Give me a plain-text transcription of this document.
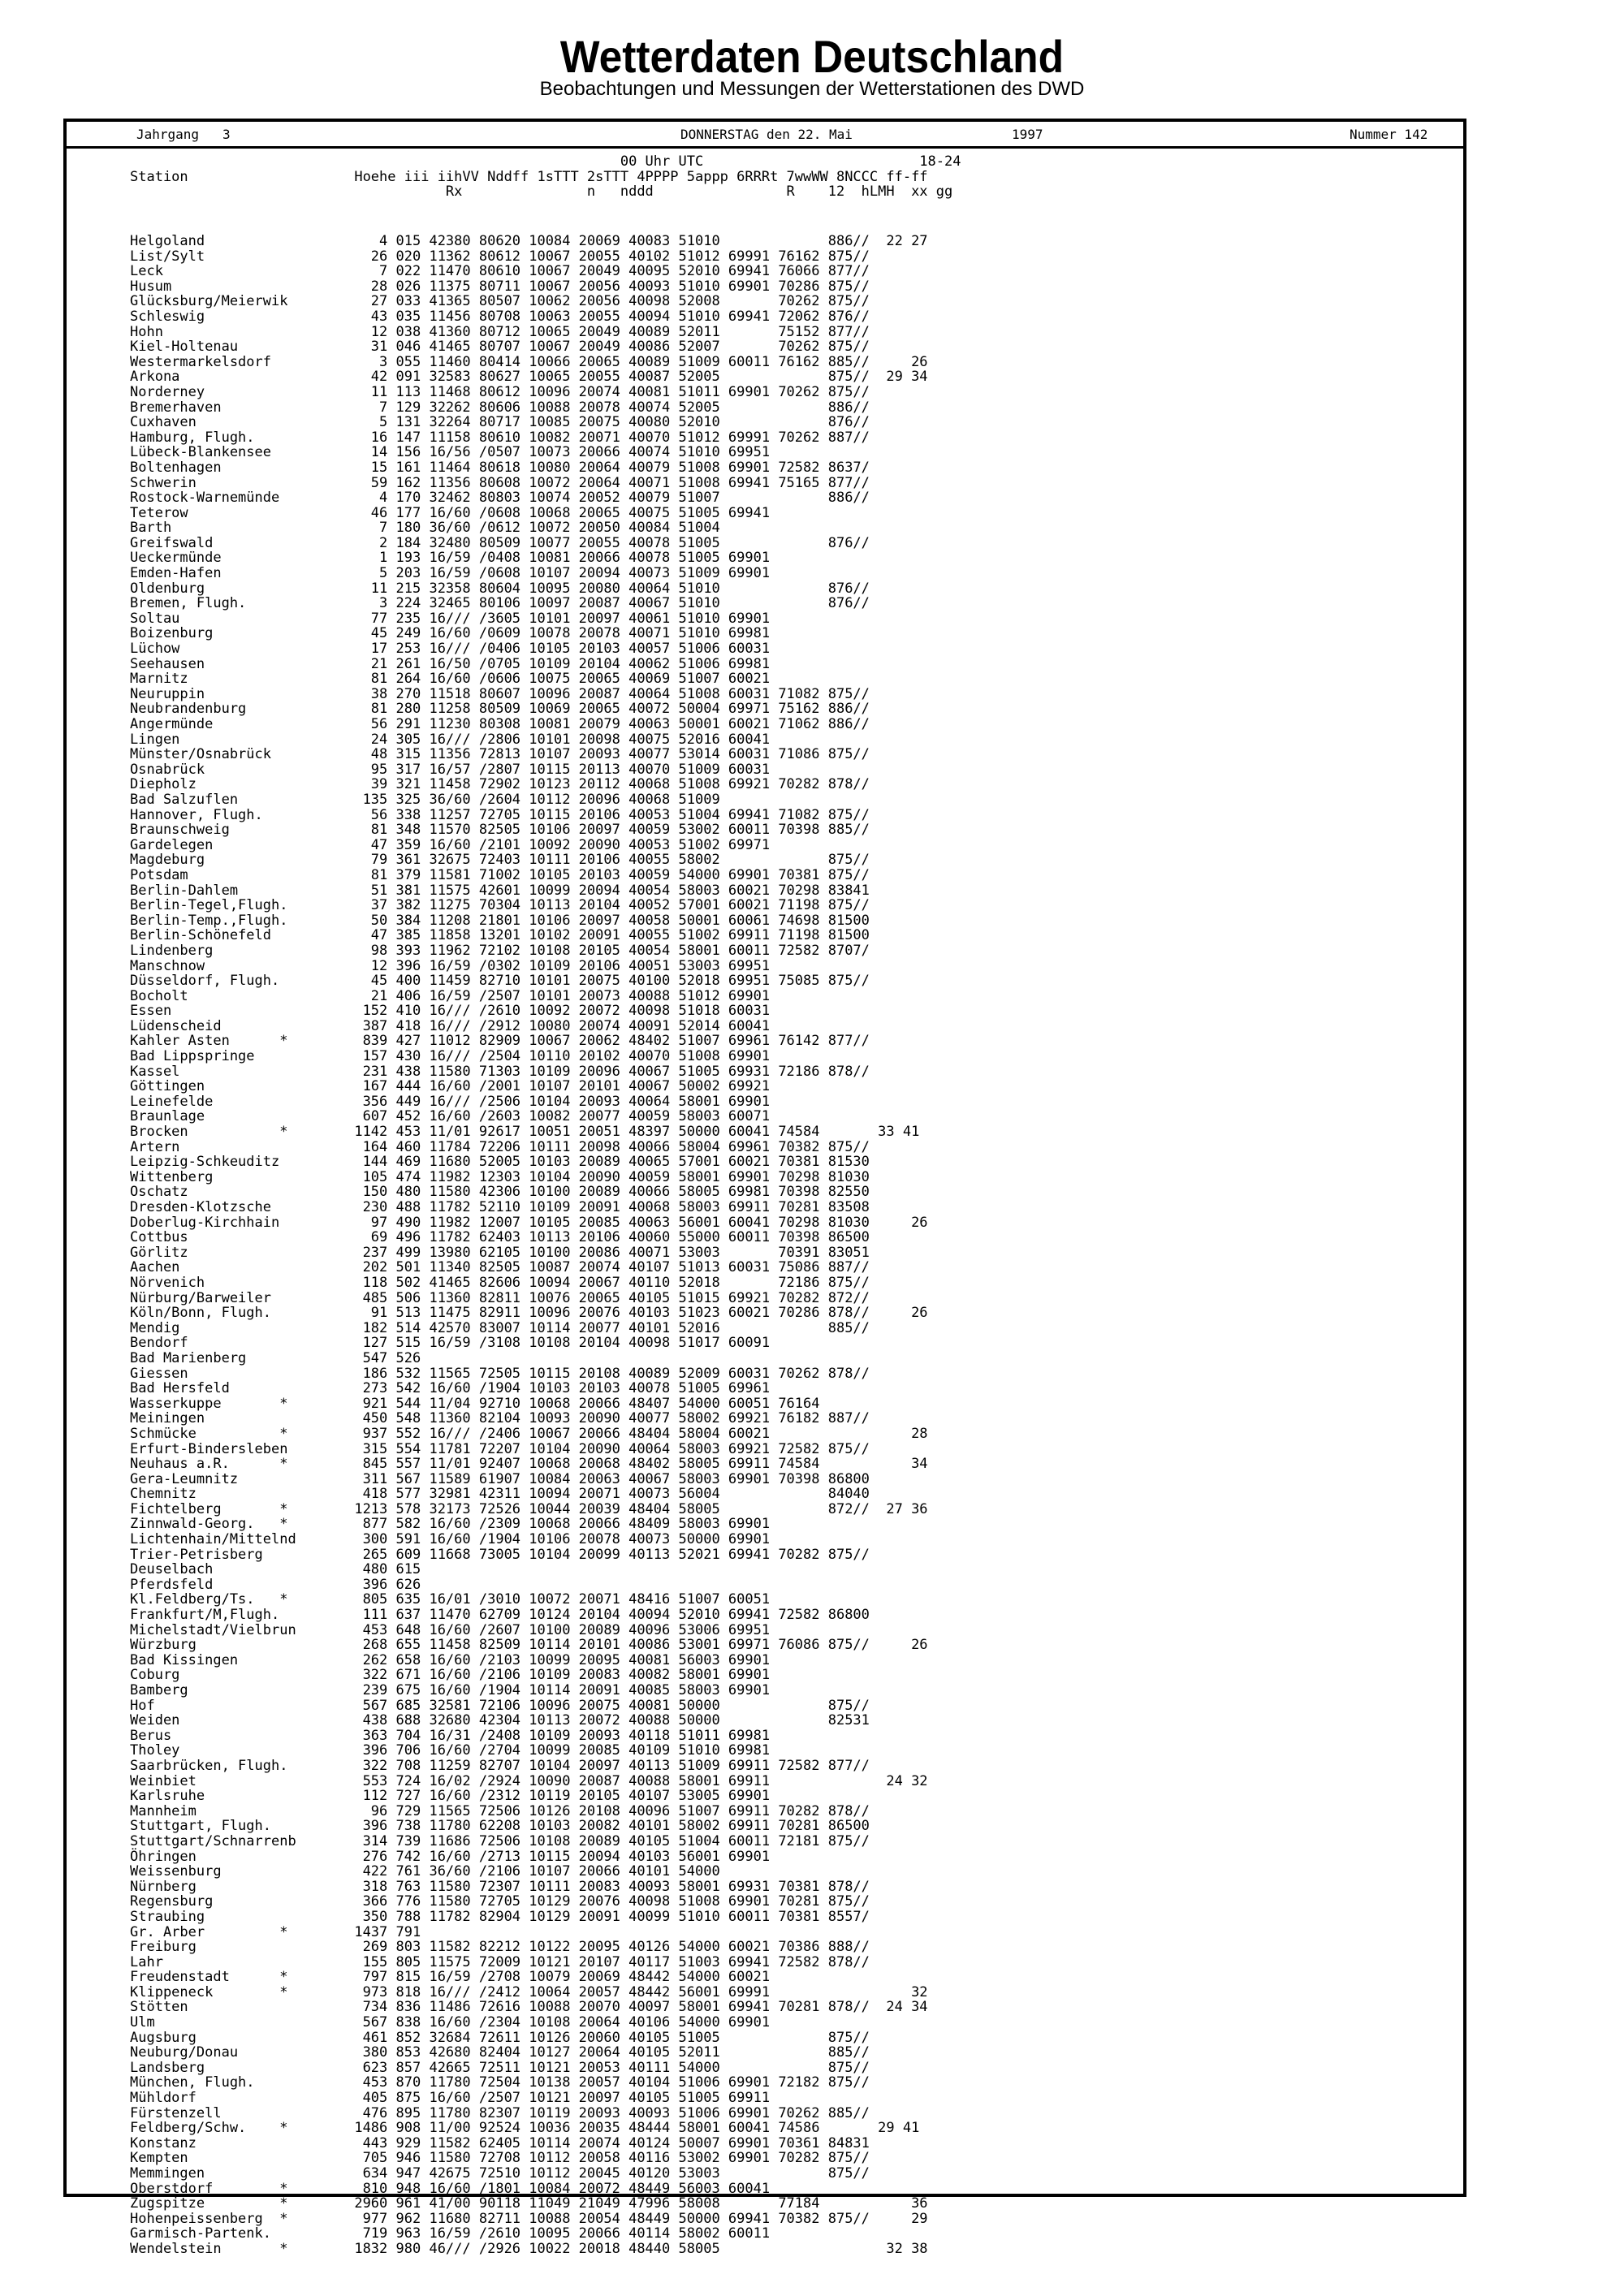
Wetterdaten Deutschland
Beobachtungen und Messungen der Wetterstationen des DWD
Jahrgang   3	DONNERSTAG den 22. Mai	1997	Nummer 142
00 Uhr UTC                          18-24
Station                    Hoehe iii iihVV Nddff 1sTTT 2sTTT 4PPPP 5appp 6RRRt 7wwWW 8NCCC ff-ff
Rx               n   nddd                R    12  hLMH  xx gg
Helgoland                     4 015 42380 80620 10084 20069 40083 51010             886//  22 27
List/Sylt                    26 020 11362 80612 10067 20055 40102 51012 69991 76162 875//
Leck                          7 022 11470 80610 10067 20049 40095 52010 69941 76066 877//
Husum                        28 026 11375 80711 10067 20056 40093 51010 69901 70286 875//
Glücksburg/Meierwik          27 033 41365 80507 10062 20056 40098 52008       70262 875//
Schleswig                    43 035 11456 80708 10063 20055 40094 51010 69941 72062 876//
Hohn                         12 038 41360 80712 10065 20049 40089 52011       75152 877//
Kiel-Holtenau                31 046 41465 80707 10067 20049 40086 52007       70262 875//
Westermarkelsdorf             3 055 11460 80414 10066 20065 40089 51009 60011 76162 885//     26
Arkona                       42 091 32583 80627 10065 20055 40087 52005             875//  29 34
Norderney                    11 113 11468 80612 10096 20074 40081 51011 69901 70262 875//
Bremerhaven                   7 129 32262 80606 10088 20078 40074 52005             886//
Cuxhaven                      5 131 32264 80717 10085 20075 40080 52010             876//
Hamburg, Flugh.              16 147 11158 80610 10082 20071 40070 51012 69991 70262 887//
Lübeck-Blankensee            14 156 16/56 /0507 10073 20066 40074 51010 69951
Boltenhagen                  15 161 11464 80618 10080 20064 40079 51008 69901 72582 8637/
Schwerin                     59 162 11356 80608 10072 20064 40071 51008 69941 75165 877//
Rostock-Warnemünde            4 170 32462 80803 10074 20052 40079 51007             886//
Teterow                      46 177 16/60 /0608 10068 20065 40075 51005 69941
Barth                         7 180 36/60 /0612 10072 20050 40084 51004
Greifswald                    2 184 32480 80509 10077 20055 40078 51005             876//
Ueckermünde                   1 193 16/59 /0408 10081 20066 40078 51005 69901
Emden-Hafen                   5 203 16/59 /0608 10107 20094 40073 51009 69901
Oldenburg                    11 215 32358 80604 10095 20080 40064 51010             876//
Bremen, Flugh.                3 224 32465 80106 10097 20087 40067 51010             876//
Soltau                       77 235 16/// /3605 10101 20097 40061 51010 69901
Boizenburg                   45 249 16/60 /0609 10078 20078 40071 51010 69981
Lüchow                       17 253 16/// /0406 10105 20103 40057 51006 60031
Seehausen                    21 261 16/50 /0705 10109 20104 40062 51006 69981
Marnitz                      81 264 16/60 /0606 10075 20065 40069 51007 60021
Neuruppin                    38 270 11518 80607 10096 20087 40064 51008 60031 71082 875//
Neubrandenburg               81 280 11258 80509 10069 20065 40072 50004 69971 75162 886//
Angermünde                   56 291 11230 80308 10081 20079 40063 50001 60021 71062 886//
Lingen                       24 305 16/// /2806 10101 20098 40075 52016 60041
Münster/Osnabrück            48 315 11356 72813 10107 20093 40077 53014 60031 71086 875//
Osnabrück                    95 317 16/57 /2807 10115 20113 40070 51009 60031
Diepholz                     39 321 11458 72902 10123 20112 40068 51008 69921 70282 878//
Bad Salzuflen               135 325 36/60 /2604 10112 20096 40068 51009
Hannover, Flugh.             56 338 11257 72705 10115 20106 40053 51004 69941 71082 875//
Braunschweig                 81 348 11570 82505 10106 20097 40059 53002 60011 70398 885//
Gardelegen                   47 359 16/60 /2101 10092 20090 40053 51002 69971
Magdeburg                    79 361 32675 72403 10111 20106 40055 58002             875//
Potsdam                      81 379 11581 71002 10105 20103 40059 54000 69901 70381 875//
Berlin-Dahlem                51 381 11575 42601 10099 20094 40054 58003 60021 70298 83841
Berlin-Tegel,Flugh.          37 382 11275 70304 10113 20104 40052 57001 60021 71198 875//
Berlin-Temp.,Flugh.          50 384 11208 21801 10106 20097 40058 50001 60061 74698 81500
Berlin-Schönefeld            47 385 11858 13201 10102 20091 40055 51002 69911 71198 81500
Lindenberg                   98 393 11962 72102 10108 20105 40054 58001 60011 72582 8707/
Manschnow                    12 396 16/59 /0302 10109 20106 40051 53003 69951
Düsseldorf, Flugh.           45 400 11459 82710 10101 20075 40100 52018 69951 75085 875//
Bocholt                      21 406 16/59 /2507 10101 20073 40088 51012 69901
Essen                       152 410 16/// /2610 10092 20072 40098 51018 60031
Lüdenscheid                 387 418 16/// /2912 10080 20074 40091 52014 60041
Kahler Asten      *         839 427 11012 82909 10067 20062 48402 51007 69961 76142 877//
Bad Lippspringe             157 430 16/// /2504 10110 20102 40070 51008 69901
Kassel                      231 438 11580 71303 10109 20096 40067 51005 69931 72186 878//
Göttingen                   167 444 16/60 /2001 10107 20101 40067 50002 69921
Leinefelde                  356 449 16/// /2506 10104 20093 40064 58001 69901
Braunlage                   607 452 16/60 /2603 10082 20077 40059 58003 60071
Brocken           *        1142 453 11/01 92617 10051 20051 48397 50000 60041 74584       33 41
Artern                      164 460 11784 72206 10111 20098 40066 58004 69961 70382 875//
Leipzig-Schkeuditz          144 469 11680 52005 10103 20089 40065 57001 60021 70381 81530
Wittenberg                  105 474 11982 12303 10104 20090 40059 58001 69901 70298 81030
Oschatz                     150 480 11580 42306 10100 20089 40066 58005 69981 70398 82550
Dresden-Klotzsche           230 488 11782 52110 10109 20091 40068 58003 69911 70281 83508
Doberlug-Kirchhain           97 490 11982 12007 10105 20085 40063 56001 60041 70298 81030     26
Cottbus                      69 496 11782 62403 10113 20106 40060 55000 60011 70398 86500
Görlitz                     237 499 13980 62105 10100 20086 40071 53003       70391 83051
Aachen                      202 501 11340 82505 10087 20074 40107 51013 60031 75086 887//
Nörvenich                   118 502 41465 82606 10094 20067 40110 52018       72186 875//
Nürburg/Barweiler           485 506 11360 82811 10076 20065 40105 51015 69921 70282 872//
Köln/Bonn, Flugh.            91 513 11475 82911 10096 20076 40103 51023 60021 70286 878//     26
Mendig                      182 514 42570 83007 10114 20077 40101 52016             885//
Bendorf                     127 515 16/59 /3108 10108 20104 40098 51017 60091
Bad Marienberg              547 526
Giessen                     186 532 11565 72505 10115 20108 40089 52009 60031 70262 878//
Bad Hersfeld                273 542 16/60 /1904 10103 20103 40078 51005 69961
Wasserkuppe       *         921 544 11/04 92710 10068 20066 48407 54000 60051 76164
Meiningen                   450 548 11360 82104 10093 20090 40077 58002 69921 76182 887//
Schmücke          *         937 552 16/// /2406 10067 20066 48404 58004 60021                 28
Erfurt-Bindersleben         315 554 11781 72207 10104 20090 40064 58003 69921 72582 875//
Neuhaus a.R.      *         845 557 11/01 92407 10068 20068 48402 58005 69911 74584           34
Gera-Leumnitz               311 567 11589 61907 10084 20063 40067 58003 69901 70398 86800
Chemnitz                    418 577 32981 42311 10094 20071 40073 56004             84040
Fichtelberg       *        1213 578 32173 72526 10044 20039 48404 58005             872//  27 36
Zinnwald-Georg.   *         877 582 16/60 /2309 10068 20066 48409 58003 69901
Lichtenhain/Mittelnd        300 591 16/60 /1904 10106 20078 40073 50000 69901
Trier-Petrisberg            265 609 11668 73005 10104 20099 40113 52021 69941 70282 875//
Deuselbach                  480 615
Pferdsfeld                  396 626
Kl.Feldberg/Ts.   *         805 635 16/01 /3010 10072 20071 48416 51007 60051
Frankfurt/M,Flugh.          111 637 11470 62709 10124 20104 40094 52010 69941 72582 86800
Michelstadt/Vielbrun        453 648 16/60 /2607 10100 20089 40096 53006 69951
Würzburg                    268 655 11458 82509 10114 20101 40086 53001 69971 76086 875//     26
Bad Kissingen               262 658 16/60 /2103 10099 20095 40081 56003 69901
Coburg                      322 671 16/60 /2106 10109 20083 40082 58001 69901
Bamberg                     239 675 16/60 /1904 10114 20091 40085 58003 69901
Hof                         567 685 32581 72106 10096 20075 40081 50000             875//
Weiden                      438 688 32680 42304 10113 20072 40088 50000             82531
Berus                       363 704 16/31 /2408 10109 20093 40118 51011 69981
Tholey                      396 706 16/60 /2704 10099 20085 40109 51010 69981
Saarbrücken, Flugh.         322 708 11259 82707 10104 20097 40113 51009 69911 72582 877//
Weinbiet                    553 724 16/02 /2924 10090 20087 40088 58001 69911              24 32
Karlsruhe                   112 727 16/60 /2312 10119 20105 40107 53005 69901
Mannheim                     96 729 11565 72506 10126 20108 40096 51007 69911 70282 878//
Stuttgart, Flugh.           396 738 11780 62208 10103 20082 40101 58002 69911 70281 86500
Stuttgart/Schnarrenb        314 739 11686 72506 10108 20089 40105 51004 60011 72181 875//
Öhringen                    276 742 16/60 /2713 10115 20094 40103 56001 69901
Weissenburg                 422 761 36/60 /2106 10107 20066 40101 54000
Nürnberg                    318 763 11580 72307 10111 20083 40093 58001 69931 70381 878//
Regensburg                  366 776 11580 72705 10129 20076 40098 51008 69901 70281 875//
Straubing                   350 788 11782 82904 10129 20091 40099 51010 60011 70381 8557/
Gr. Arber         *        1437 791
Freiburg                    269 803 11582 82212 10122 20095 40126 54000 60021 70386 888//
Lahr                        155 805 11575 72009 10121 20107 40117 51003 69941 72582 878//
Freudenstadt      *         797 815 16/59 /2708 10079 20069 48442 54000 60021
Klippeneck        *         973 818 16/// /2412 10064 20057 48442 56001 69991                 32
Stötten                     734 836 11486 72616 10088 20070 40097 58001 69941 70281 878//  24 34
Ulm                         567 838 16/60 /2304 10108 20064 40106 54000 69901
Augsburg                    461 852 32684 72611 10126 20060 40105 51005             875//
Neuburg/Donau               380 853 42680 82404 10127 20064 40105 52011             885//
Landsberg                   623 857 42665 72511 10121 20053 40111 54000             875//
München, Flugh.             453 870 11780 72504 10138 20057 40104 51006 69901 72182 875//
Mühldorf                    405 875 16/60 /2507 10121 20097 40105 51005 69911
Fürstenzell                 476 895 11780 82307 10119 20093 40093 51006 69901 70262 885//
Feldberg/Schw.    *        1486 908 11/00 92524 10036 20035 48444 58001 60041 74586       29 41
Konstanz                    443 929 11582 62405 10114 20074 40124 50007 69901 70361 84831
Kempten                     705 946 11580 72708 10112 20058 40116 53002 69901 70282 875//
Memmingen                   634 947 42675 72510 10112 20045 40120 53003             875//
Oberstdorf        *         810 948 16/60 /1801 10084 20072 48449 56003 60041
Zugspitze         *        2960 961 41/00 90118 11049 21049 47996 58008       77184           36
Hohenpeissenberg  *         977 962 11680 82711 10088 20054 48449 50000 69941 70382 875//     29
Garmisch-Partenk.           719 963 16/59 /2610 10095 20066 40114 58002 60011
Wendelstein       *        1832 980 46/// /2926 10022 20018 48440 58005                    32 38
